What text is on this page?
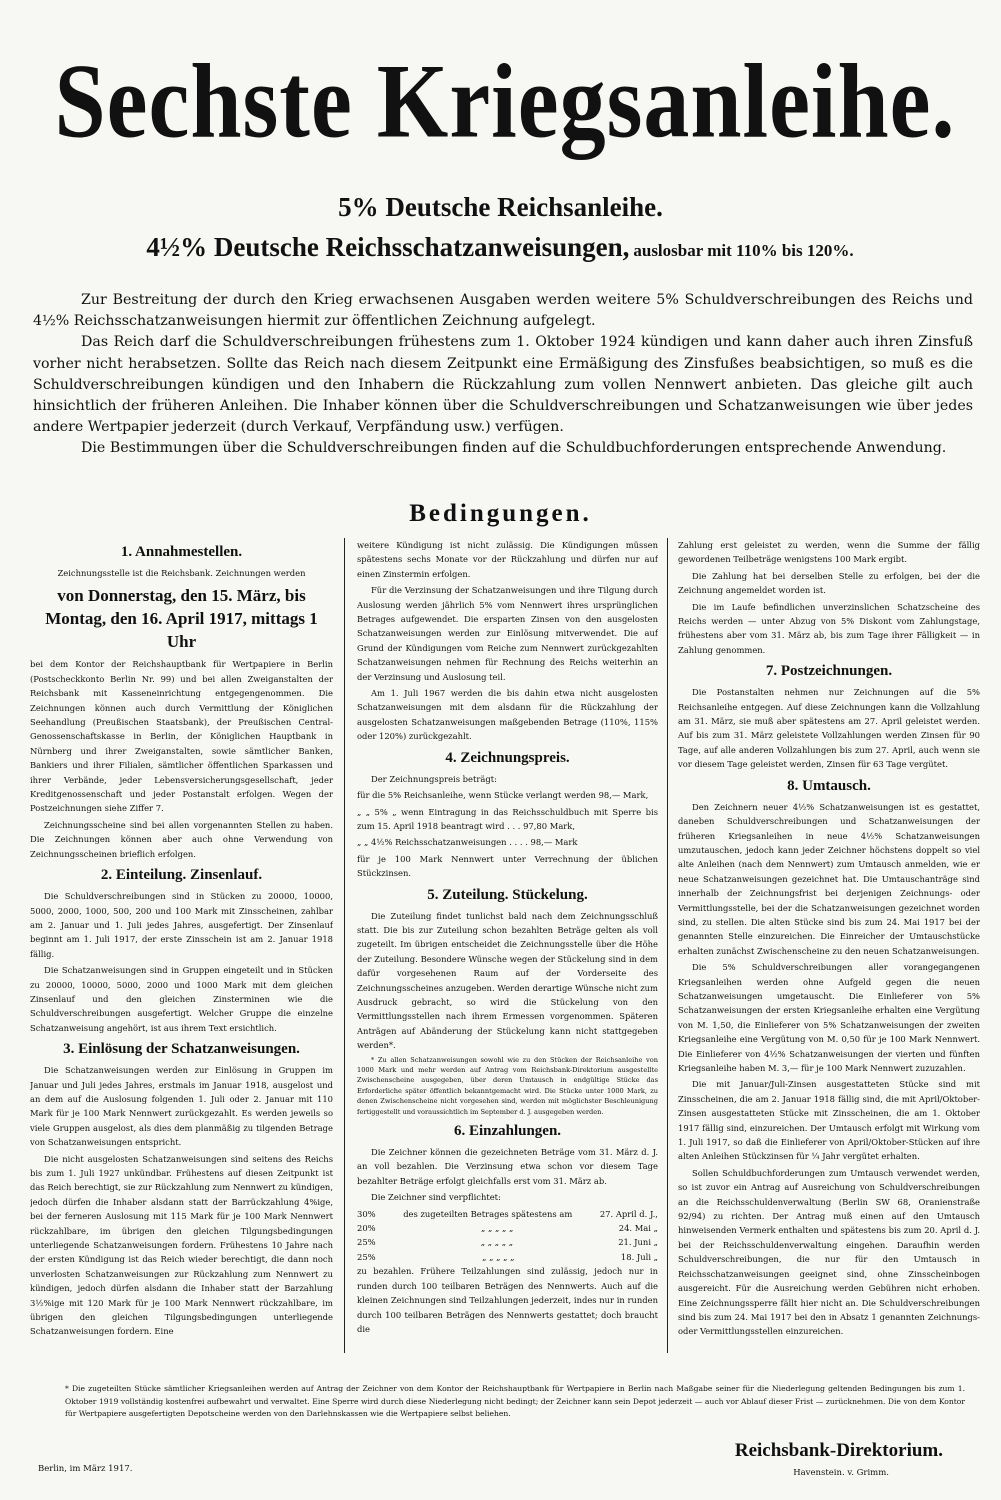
Sechste Kriegsanleihe.
5% Deutsche Reichsanleihe.
4½% Deutsche Reichsschatzanweisungen, auslosbar mit 110% bis 120%.

Zur Bestreitung der durch den Krieg erwachsenen Ausgaben werden weitere 5% Schuldverschreibungen des Reichs und 4½% Reichsschatzanweisungen hiermit zur öffentlichen Zeichnung aufgelegt.

Das Reich darf die Schuldverschreibungen frühestens zum 1. Oktober 1924 kündigen und kann daher auch ihren Zinsfuß vorher nicht herabsetzen. Sollte das Reich nach diesem Zeitpunkt eine Ermäßigung des Zinsfußes beabsichtigen, so muß es die Schuldverschreibungen kündigen und den Inhabern die Rückzahlung zum vollen Nennwert anbieten. Das gleiche gilt auch hinsichtlich der früheren Anleihen. Die Inhaber können über die Schuldverschreibungen und Schatzanweisungen wie über jedes andere Wertpapier jederzeit (durch Verkauf, Verpfändung usw.) verfügen.

Die Bestimmungen über die Schuldverschreibungen finden auf die Schuldbuchforderungen entsprechende Anwendung.

Bedingungen.
1. Annahmestellen.

Zeichnungsstelle ist die Reichsbank. Zeichnungen werden

von Donnerstag, den 15. März, bis Montag, den 16. April 1917, mittags 1 Uhr

bei dem Kontor der Reichshauptbank für Wertpapiere in Berlin (Postscheckkonto Berlin Nr. 99) und bei allen Zweiganstalten der Reichsbank mit Kasseneinrichtung entgegengenommen. Die Zeichnungen können auch durch Vermittlung der Königlichen Seehandlung (Preußischen Staatsbank), der Preußischen Central-Genossenschaftskasse in Berlin, der Königlichen Hauptbank in Nürnberg und ihrer Zweiganstalten, sowie sämtlicher Banken, Bankiers und ihrer Filialen, sämtlicher öffentlichen Sparkassen und ihrer Verbände, jeder Lebensversicherungsgesellschaft, jeder Kreditgenossenschaft und jeder Postanstalt erfolgen. Wegen der Postzeichnungen siehe Ziffer 7.

Zeichnungsscheine sind bei allen vorgenannten Stellen zu haben. Die Zeichnungen können aber auch ohne Verwendung von Zeichnungsscheinen brieflich erfolgen.

2. Einteilung. Zinsenlauf.

Die Schuldverschreibungen sind in Stücken zu 20000, 10000, 5000, 2000, 1000, 500, 200 und 100 Mark mit Zinsscheinen, zahlbar am 2. Januar und 1. Juli jedes Jahres, ausgefertigt. Der Zinsenlauf beginnt am 1. Juli 1917, der erste Zinsschein ist am 2. Januar 1918 fällig.

Die Schatzanweisungen sind in Gruppen eingeteilt und in Stücken zu 20000, 10000, 5000, 2000 und 1000 Mark mit dem gleichen Zinsenlauf und den gleichen Zinsterminen wie die Schuldverschreibungen ausgefertigt. Welcher Gruppe die einzelne Schatzanweisung angehört, ist aus ihrem Text ersichtlich.

3. Einlösung der Schatzanweisungen.

Die Schatzanweisungen werden zur Einlösung in Gruppen im Januar und Juli jedes Jahres, erstmals im Januar 1918, ausgelost und an dem auf die Auslosung folgenden 1. Juli oder 2. Januar mit 110 Mark für je 100 Mark Nennwert zurückgezahlt. Es werden jeweils so viele Gruppen ausgelost, als dies dem planmäßig zu tilgenden Betrage von Schatzanweisungen entspricht.

Die nicht ausgelosten Schatzanweisungen sind seitens des Reichs bis zum 1. Juli 1927 unkündbar. Frühestens auf diesen Zeitpunkt ist das Reich berechtigt, sie zur Rückzahlung zum Nennwert zu kündigen, jedoch dürfen die Inhaber alsdann statt der Barrückzahlung 4%ige, bei der ferneren Auslosung mit 115 Mark für je 100 Mark Nennwert rückzahlbare, im übrigen den gleichen Tilgungsbedingungen unterliegende Schatzanweisungen fordern. Frühestens 10 Jahre nach der ersten Kündigung ist das Reich wieder berechtigt, die dann noch unverlosten Schatzanweisungen zur Rückzahlung zum Nennwert zu kündigen, jedoch dürfen alsdann die Inhaber statt der Barzahlung 3½%ige mit 120 Mark für je 100 Mark Nennwert rückzahlbare, im übrigen den gleichen Tilgungsbedingungen unterliegende Schatzanweisungen fordern. Eine

weitere Kündigung ist nicht zulässig. Die Kündigungen müssen spätestens sechs Monate vor der Rückzahlung und dürfen nur auf einen Zinstermin erfolgen.

Für die Verzinsung der Schatzanweisungen und ihre Tilgung durch Auslosung werden jährlich 5% vom Nennwert ihres ursprünglichen Betrages aufgewendet. Die ersparten Zinsen von den ausgelosten Schatzanweisungen werden zur Einlösung mitverwendet. Die auf Grund der Kündigungen vom Reiche zum Nennwert zurückgezahlten Schatzanweisungen nehmen für Rechnung des Reichs weiterhin an der Verzinsung und Auslosung teil.

Am 1. Juli 1967 werden die bis dahin etwa nicht ausgelosten Schatzanweisungen mit dem alsdann für die Rückzahlung der ausgelosten Schatzanweisungen maßgebenden Betrage (110%, 115% oder 120%) zurückgezahlt.

4. Zeichnungspreis.

Der Zeichnungspreis beträgt:

für die 5% Reichsanleihe, wenn Stücke verlangt werden 98,— Mark,

„ „ 5% „ wenn Eintragung in das Reichsschuldbuch mit Sperre bis zum 15. April 1918 beantragt wird . . . 97,80 Mark,

„ „ 4½% Reichsschatzanweisungen . . . . 98,— Mark

für je 100 Mark Nennwert unter Verrechnung der üblichen Stückzinsen.

5. Zuteilung. Stückelung.

Die Zuteilung findet tunlichst bald nach dem Zeichnungsschluß statt. Die bis zur Zuteilung schon bezahlten Beträge gelten als voll zugeteilt. Im übrigen entscheidet die Zeichnungsstelle über die Höhe der Zuteilung. Besondere Wünsche wegen der Stückelung sind in dem dafür vorgesehenen Raum auf der Vorderseite des Zeichnungsscheines anzugeben. Werden derartige Wünsche nicht zum Ausdruck gebracht, so wird die Stückelung von den Vermittlungsstellen nach ihrem Ermessen vorgenommen. Späteren Anträgen auf Abänderung der Stückelung kann nicht stattgegeben werden*.

* Zu allen Schatzanweisungen sowohl wie zu den Stücken der Reichsanleihe von 1000 Mark und mehr werden auf Antrag vom Reichsbank-Direktorium ausgestellte Zwischenscheine ausgegeben, über deren Umtausch in endgültige Stücke das Erforderliche später öffentlich bekanntgemacht wird. Die Stücke unter 1000 Mark, zu denen Zwischenscheine nicht vorgesehen sind, werden mit möglichster Beschleunigung fertiggestellt und voraussichtlich im September d. J. ausgegeben werden.

6. Einzahlungen.

Die Zeichner können die gezeichneten Beträge vom 31. März d. J. an voll bezahlen. Die Verzinsung etwa schon vor diesem Tage bezahlter Beträge erfolgt gleichfalls erst vom 31. März ab.

Die Zeichner sind verpflichtet:

30%	des zugeteilten Betrages spätestens am	27. April d. J.,
20%	„ „ „ „ „	24. Mai „
25%	„ „ „ „ „	21. Juni „
25%	„ „ „ „ „	18. Juli „

zu bezahlen. Frühere Teilzahlungen sind zulässig, jedoch nur in runden durch 100 teilbaren Beträgen des Nennwerts. Auch auf die kleinen Zeichnungen sind Teilzahlungen jederzeit, indes nur in runden durch 100 teilbaren Beträgen des Nennwerts gestattet; doch braucht die

Zahlung erst geleistet zu werden, wenn die Summe der fällig gewordenen Teilbeträge wenigstens 100 Mark ergibt.

Die Zahlung hat bei derselben Stelle zu erfolgen, bei der die Zeichnung angemeldet worden ist.

Die im Laufe befindlichen unverzinslichen Schatzscheine des Reichs werden — unter Abzug von 5% Diskont vom Zahlungstage, frühestens aber vom 31. März ab, bis zum Tage ihrer Fälligkeit — in Zahlung genommen.

7. Postzeichnungen.

Die Postanstalten nehmen nur Zeichnungen auf die 5% Reichsanleihe entgegen. Auf diese Zeichnungen kann die Vollzahlung am 31. März, sie muß aber spätestens am 27. April geleistet werden. Auf bis zum 31. März geleistete Vollzahlungen werden Zinsen für 90 Tage, auf alle anderen Vollzahlungen bis zum 27. April, auch wenn sie vor diesem Tage geleistet werden, Zinsen für 63 Tage vergütet.

8. Umtausch.

Den Zeichnern neuer 4½% Schatzanweisungen ist es gestattet, daneben Schuldverschreibungen und Schatzanweisungen der früheren Kriegsanleihen in neue 4½% Schatzanweisungen umzutauschen, jedoch kann jeder Zeichner höchstens doppelt so viel alte Anleihen (nach dem Nennwert) zum Umtausch anmelden, wie er neue Schatzanweisungen gezeichnet hat. Die Umtauschanträge sind innerhalb der Zeichnungsfrist bei derjenigen Zeichnungs- oder Vermittlungsstelle, bei der die Schatzanweisungen gezeichnet worden sind, zu stellen. Die alten Stücke sind bis zum 24. Mai 1917 bei der genannten Stelle einzureichen. Die Einreicher der Umtauschstücke erhalten zunächst Zwischenscheine zu den neuen Schatzanweisungen.

Die 5% Schuldverschreibungen aller vorangegangenen Kriegsanleihen werden ohne Aufgeld gegen die neuen Schatzanweisungen umgetauscht. Die Einlieferer von 5% Schatzanweisungen der ersten Kriegsanleihe erhalten eine Vergütung von M. 1,50, die Einlieferer von 5% Schatzanweisungen der zweiten Kriegsanleihe eine Vergütung von M. 0,50 für je 100 Mark Nennwert. Die Einlieferer von 4½% Schatzanweisungen der vierten und fünften Kriegsanleihe haben M. 3,— für je 100 Mark Nennwert zuzuzahlen.

Die mit Januar/Juli-Zinsen ausgestatteten Stücke sind mit Zinsscheinen, die am 2. Januar 1918 fällig sind, die mit April/Oktober-Zinsen ausgestatteten Stücke mit Zinsscheinen, die am 1. Oktober 1917 fällig sind, einzureichen. Der Umtausch erfolgt mit Wirkung vom 1. Juli 1917, so daß die Einlieferer von April/Oktober-Stücken auf ihre alten Anleihen Stückzinsen für ¼ Jahr vergütet erhalten.

Sollen Schuldbuchforderungen zum Umtausch verwendet werden, so ist zuvor ein Antrag auf Ausreichung von Schuldverschreibungen an die Reichsschuldenverwaltung (Berlin SW 68, Oranienstraße 92/94) zu richten. Der Antrag muß einen auf den Umtausch hinweisenden Vermerk enthalten und spätestens bis zum 20. April d. J. bei der Reichsschuldenverwaltung eingehen. Daraufhin werden Schuldverschreibungen, die nur für den Umtausch in Reichsschatzanweisungen geeignet sind, ohne Zinsscheinbogen ausgereicht. Für die Ausreichung werden Gebühren nicht erhoben. Eine Zeichnungssperre fällt hier nicht an. Die Schuldverschreibungen sind bis zum 24. Mai 1917 bei den in Absatz 1 genannten Zeichnungs- oder Vermittlungsstellen einzureichen.

* Die zugeteilten Stücke sämtlicher Kriegsanleihen werden auf Antrag der Zeichner von dem Kontor der Reichshauptbank für Wertpapiere in Berlin nach Maßgabe seiner für die Niederlegung geltenden Bedingungen bis zum 1. Oktober 1919 vollständig kostenfrei aufbewahrt und verwaltet. Eine Sperre wird durch diese Niederlegung nicht bedingt; der Zeichner kann sein Depot jederzeit — auch vor Ablauf dieser Frist — zurücknehmen. Die von dem Kontor für Wertpapiere ausgefertigten Depotscheine werden von den Darlehnskassen wie die Wertpapiere selbst beliehen.
Berlin, im März 1917.
Reichsbank-Direktorium.
Havenstein. v. Grimm.
